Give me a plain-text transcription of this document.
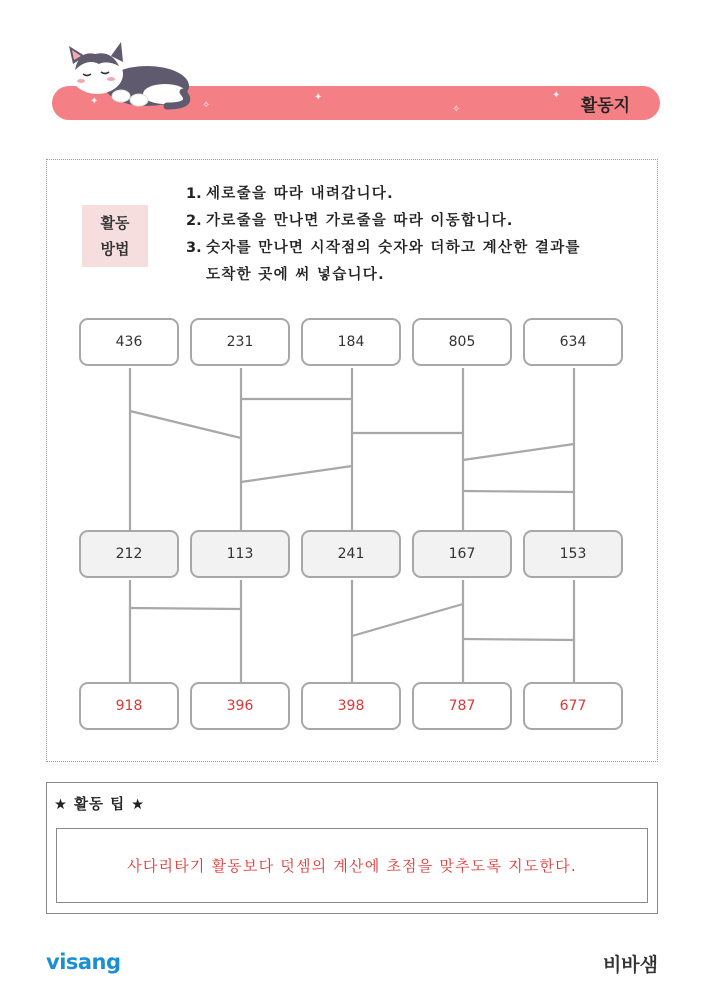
✦	✧
✦
✧
✦
활동지
활동
방법
1. 세로줄을 따라 내려갑니다.
2. 가로줄을 만나면 가로줄을 따라 이동합니다.
3. 숫자를 만나면 시작점의 숫자와 더하고 계산한 결과를
도착한 곳에 써 넣습니다.
436	231	184	805	634
212	113	241	167	153
918	396	398	787	677
★ 활동 팁 ★
사다리타기 활동보다 덧셈의 계산에 초점을 맞추도록 지도한다.
visang	비바샘
